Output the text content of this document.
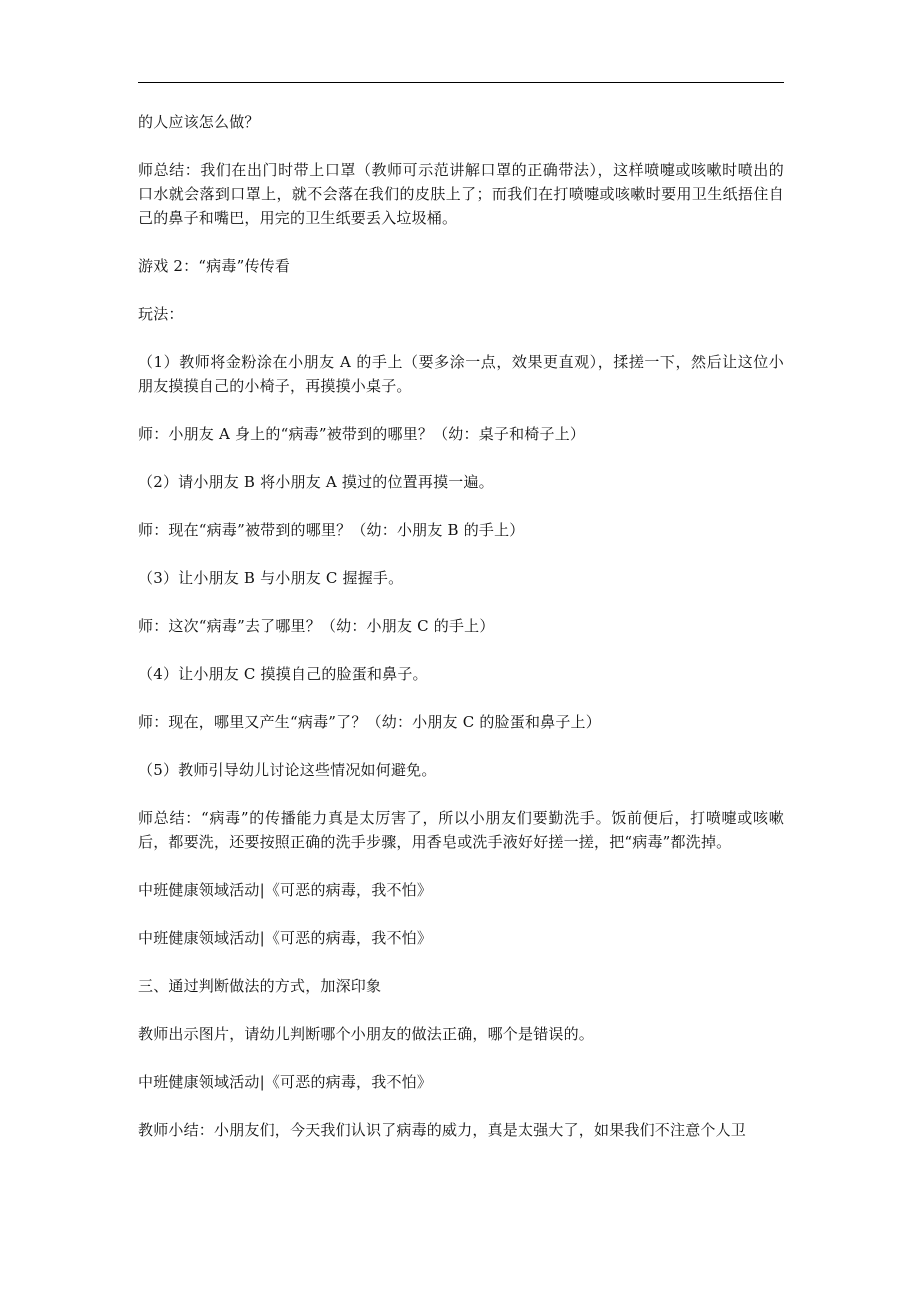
的人应该怎么做？

师总结：我们在出门时带上口罩（教师可示范讲解口罩的正确带法），这样喷嚏或咳嗽时喷出的口水就会落到口罩上，就不会落在我们的皮肤上了；而我们在打喷嚏或咳嗽时要用卫生纸捂住自己的鼻子和嘴巴，用完的卫生纸要丢入垃圾桶。

游戏 2：“病毒”传传看

玩法：

（1）教师将金粉涂在小朋友 A 的手上（要多涂一点，效果更直观），揉搓一下，然后让这位小朋友摸摸自己的小椅子，再摸摸小桌子。

师：小朋友 A 身上的“病毒”被带到的哪里？（幼：桌子和椅子上）

（2）请小朋友 B 将小朋友 A 摸过的位置再摸一遍。

师：现在“病毒”被带到的哪里？（幼：小朋友 B 的手上）

（3）让小朋友 B 与小朋友 C 握握手。

师：这次“病毒”去了哪里？（幼：小朋友 C 的手上）

（4）让小朋友 C 摸摸自己的脸蛋和鼻子。

师：现在，哪里又产生“病毒”了？（幼：小朋友 C 的脸蛋和鼻子上）

（5）教师引导幼儿讨论这些情况如何避免。

师总结：“病毒”的传播能力真是太厉害了，所以小朋友们要勤洗手。饭前便后，打喷嚏或咳嗽后，都要洗，还要按照正确的洗手步骤，用香皂或洗手液好好搓一搓，把“病毒”都洗掉。

中班健康领域活动|《可恶的病毒，我不怕》

中班健康领域活动|《可恶的病毒，我不怕》

三、通过判断做法的方式，加深印象

教师出示图片，请幼儿判断哪个小朋友的做法正确，哪个是错误的。

中班健康领域活动|《可恶的病毒，我不怕》

教师小结：小朋友们，今天我们认识了病毒的威力，真是太强大了，如果我们不注意个人卫
